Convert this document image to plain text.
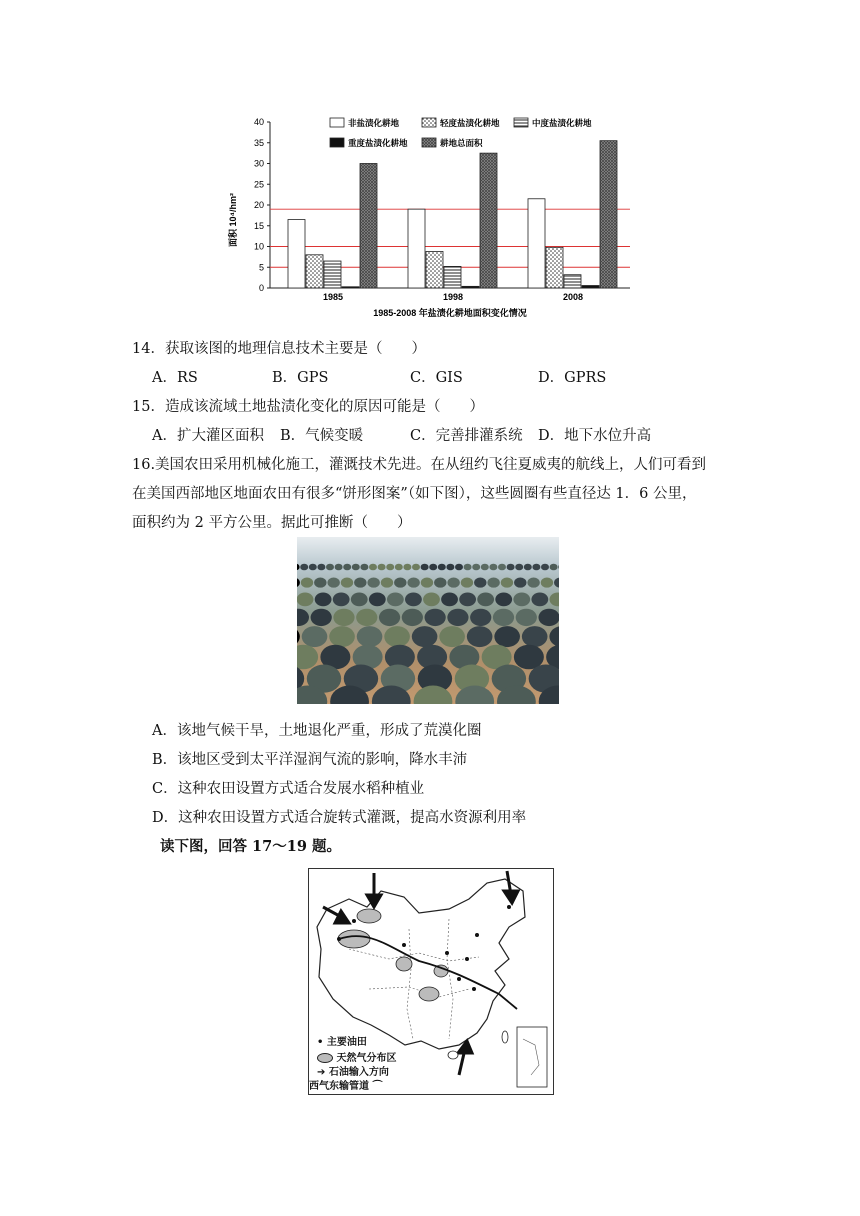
0
5
10
15
20
25
30
35
40
面积 10⁴/hm²
1985	1998	2008
非盐渍化耕地	轻度盐渍化耕地	中度盐渍化耕地
重度盐渍化耕地	耕地总面积
1985-2008 年盐渍化耕地面积变化情况
14．获取该图的地理信息技术主要是（　　）
A．RS	B．GPS	C．GIS	D．GPRS
15．造成该流域土地盐渍化变化的原因可能是（　　）
A．扩大灌区面积 B．气候变暖	C．完善排灌系统 D．地下水位升高
16.美国农田采用机械化施工，灌溉技术先进。在从纽约飞往夏威夷的航线上，人们可看到
在美国西部地区地面农田有很多“饼形图案”（如下图），这些圆圈有些直径达 1．6 公里，
面积约为 2 平方公里。据此可推断（　　）
A．该地气候干旱，土地退化严重，形成了荒漠化圈
B．该地区受到太平洋湿润气流的影响，降水丰沛
C．这种农田设置方式适合发展水稻种植业
D．这种农田设置方式适合旋转式灌溉，提高水资源利用率
读下图，回答 17～19 题。
• 主要油田
天然气分布区
➔ 石油输入方向
西气东输管道 ⌒
